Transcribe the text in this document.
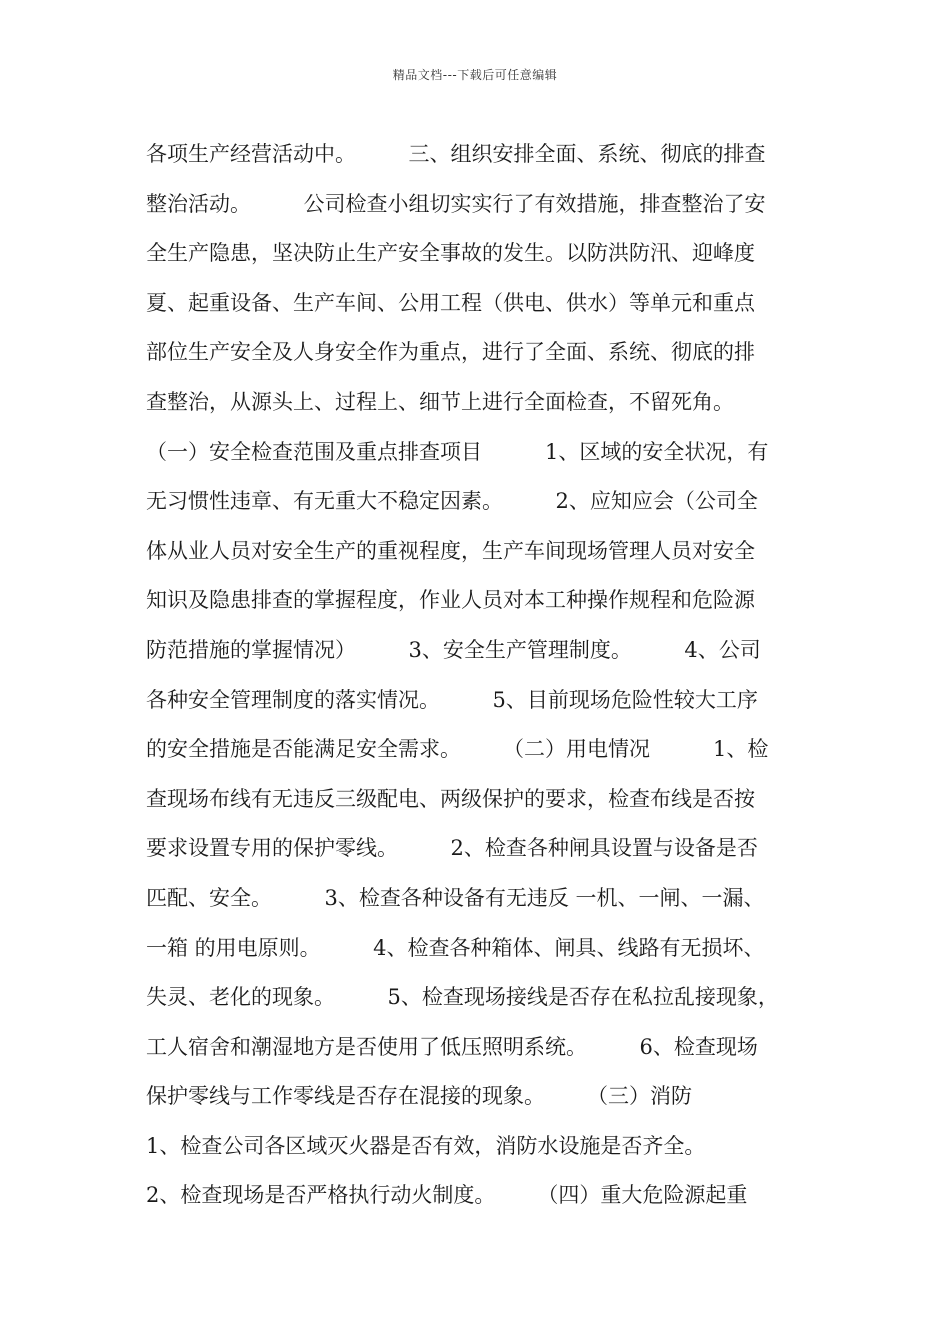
精品文档---下载后可任意编辑
各项生产经营活动中。　　　三、组织安排全面、系统、彻底的排查
整治活动。　　　公司检查小组切实实行了有效措施，排查整治了安
全生产隐患，坚决防止生产安全事故的发生。以防洪防汛、迎峰度
夏、起重设备、生产车间、公用工程（供电、供水）等单元和重点
部位生产安全及人身安全作为重点，进行了全面、系统、彻底的排
查整治，从源头上、过程上、细节上进行全面检查，不留死角。
（一）安全检查范围及重点排查项目　　　1、区域的安全状况，有
无习惯性违章、有无重大不稳定因素。　　　2、应知应会（公司全
体从业人员对安全生产的重视程度，生产车间现场管理人员对安全
知识及隐患排查的掌握程度，作业人员对本工种操作规程和危险源
防范措施的掌握情况）　　　3、安全生产管理制度。　　　4、公司
各种安全管理制度的落实情况。　　　5、目前现场危险性较大工序
的安全措施是否能满足安全需求。　　　（二）用电情况　　　1、检
查现场布线有无违反三级配电、两级保护的要求，检查布线是否按
要求设置专用的保护零线。　　　2、检查各种闸具设置与设备是否
匹配、安全。　　　3、检查各种设备有无违反 一机、一闸、一漏、
一箱 的用电原则。　　　4、检查各种箱体、闸具、线路有无损坏、
失灵、老化的现象。　　　5、检查现场接线是否存在私拉乱接现象，
工人宿舍和潮湿地方是否使用了低压照明系统。　　　6、检查现场
保护零线与工作零线是否存在混接的现象。　　　（三）消防
1、检查公司各区域灭火器是否有效，消防水设施是否齐全。
2、检查现场是否严格执行动火制度。　　　（四）重大危险源起重
